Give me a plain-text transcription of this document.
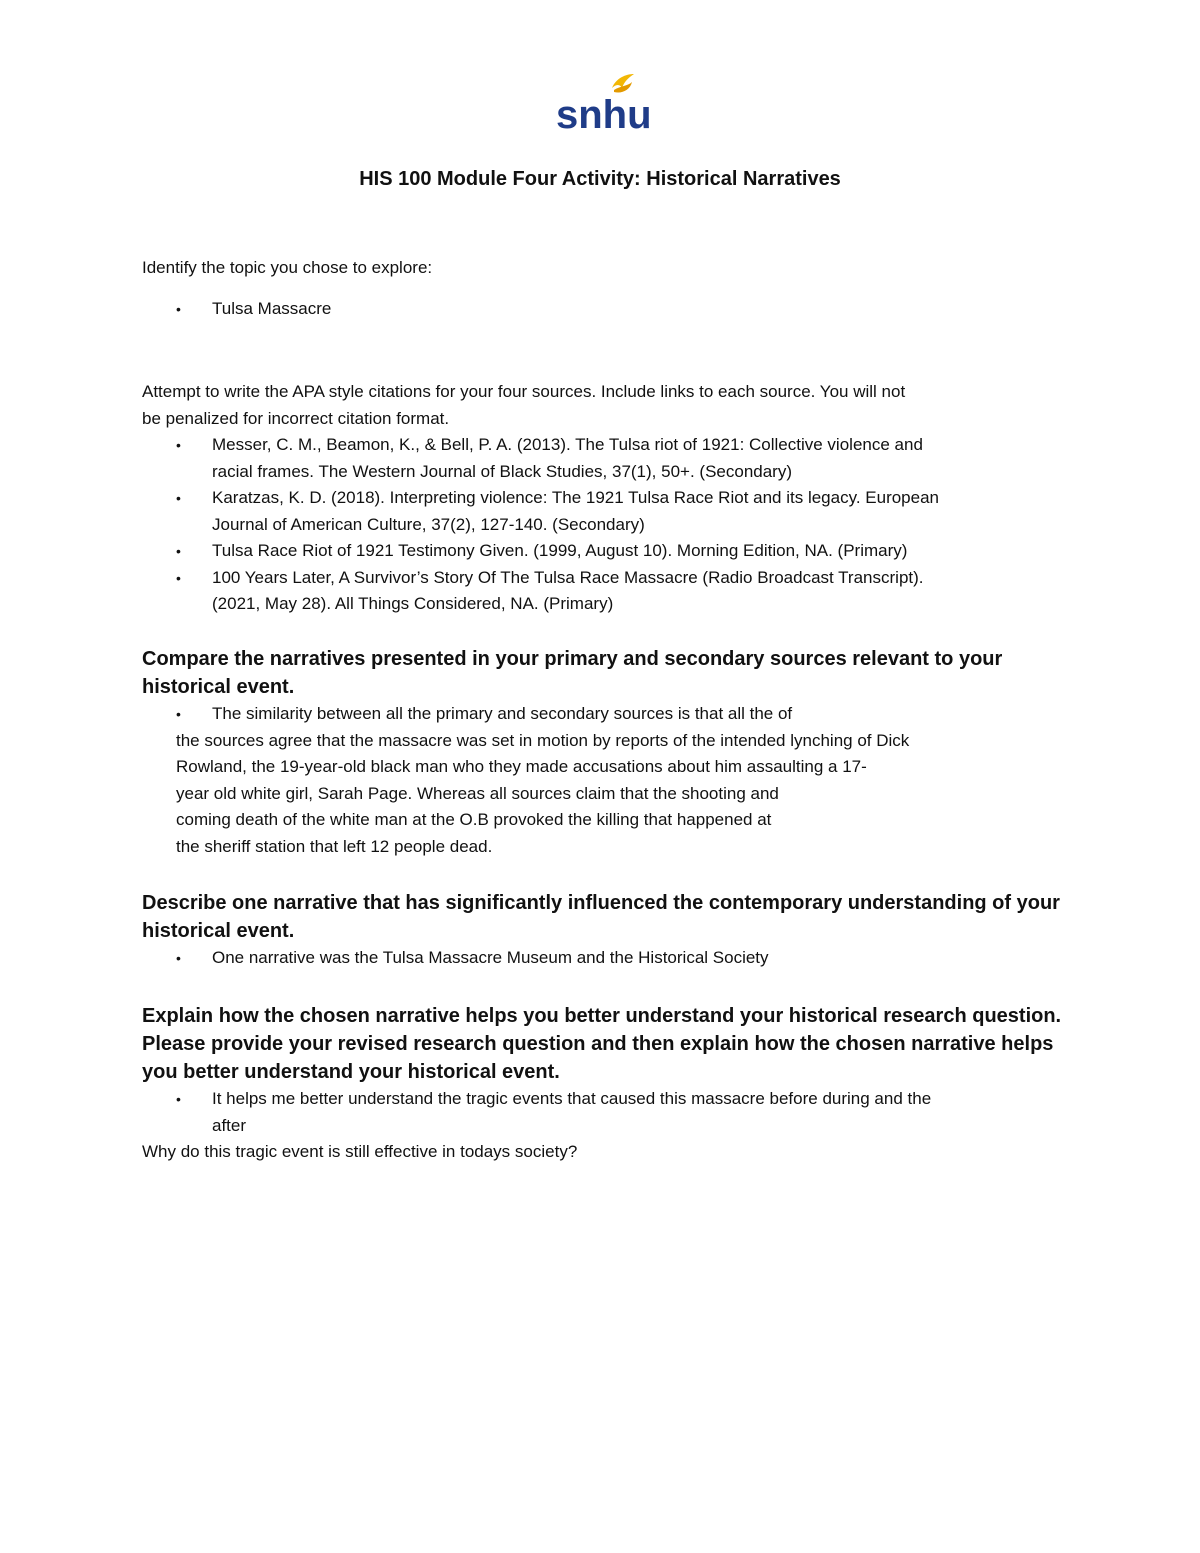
snhu
HIS 100 Module Four Activity: Historical Narratives

Identify the topic you chose to explore:

• Tulsa Massacre

Attempt to write the APA style citations for your four sources. Include links to each source. You will not

be penalized for incorrect citation format.

• Messer, C. M., Beamon, K., & Bell, P. A. (2013). The Tulsa riot of 1921: Collective violence and
racial frames. The Western Journal of Black Studies, 37(1), 50+. (Secondary)
• Karatzas, K. D. (2018). Interpreting violence: The 1921 Tulsa Race Riot and its legacy. European
Journal of American Culture, 37(2), 127-140. (Secondary)
• Tulsa Race Riot of 1921 Testimony Given. (1999, August 10). Morning Edition, NA. (Primary)
• 100 Years Later, A Survivor’s Story Of The Tulsa Race Massacre (Radio Broadcast Transcript).
(2021, May 28). All Things Considered, NA. (Primary)

Compare the narratives presented in your primary and secondary sources relevant to your

historical event.

• The similarity between all the primary and secondary sources is that all the of

the sources agree that the massacre was set in motion by reports of the intended lynching of Dick

Rowland, the 19-year-old black man who they made accusations about him assaulting a 17-

year old white girl, Sarah Page. Whereas all sources claim that the shooting and

coming death of the white man at the O.B provoked the killing that happened at

the sheriff station that left 12 people dead.

Describe one narrative that has significantly influenced the contemporary understanding of your

historical event.

• One narrative was the Tulsa Massacre Museum and the Historical Society

Explain how the chosen narrative helps you better understand your historical research question.

Please provide your revised research question and then explain how the chosen narrative helps

you better understand your historical event.

• It helps me better understand the tragic events that caused this massacre before during and the
after

Why do this tragic event is still effective in todays society?
